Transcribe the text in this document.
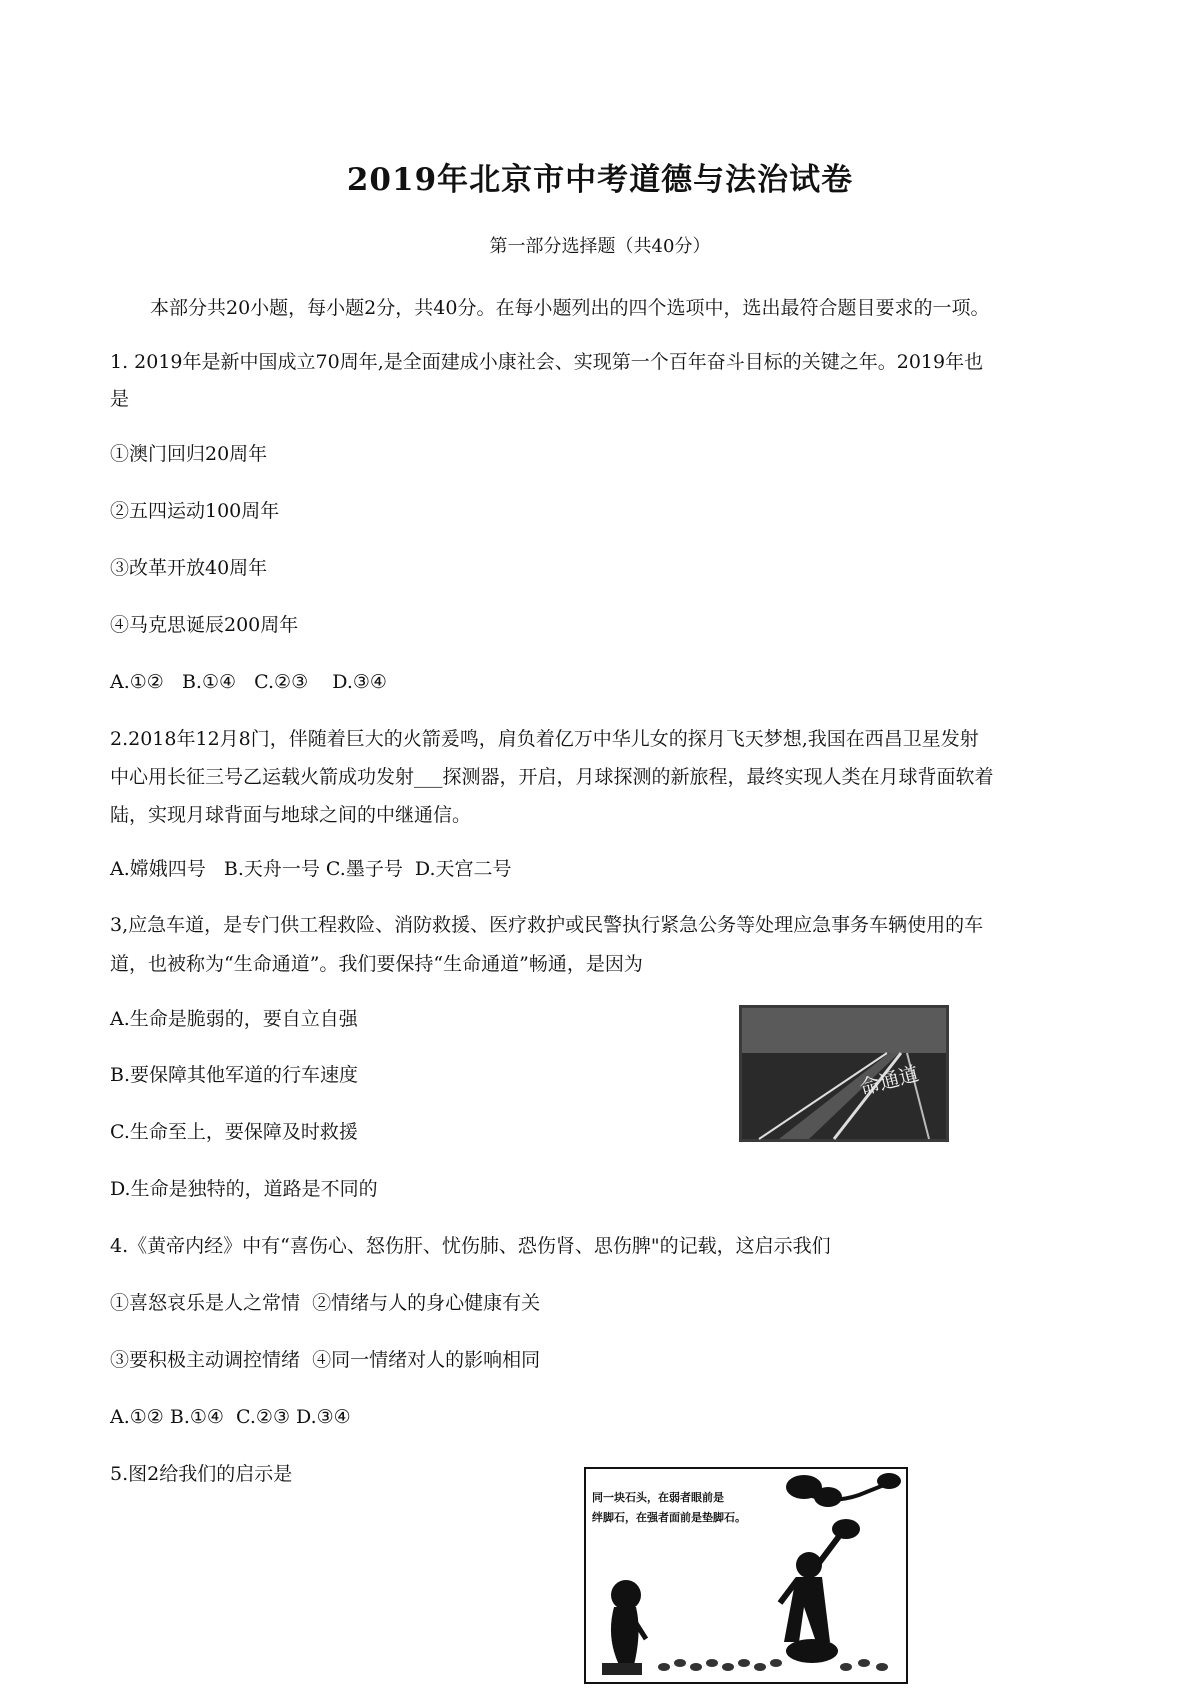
2019年北京市中考道德与法治试卷
第一部分选择题（共40分）
本部分共20小题，每小题2分，共40分。在每小题列出的四个选项中，选出最符合题目要求的一项。
1. 2019年是新中国成立70周年,是全面建成小康社会、实现第一个百年奋斗目标的关键之年。2019年也
是
①澳门回归20周年
②五四运动100周年
③改革开放40周年
④马克思诞辰200周年
A.①②   B.①④   C.②③    D.③④
2.2018年12月8门，伴随着巨大的火箭爰鸣，肩负着亿万中华儿女的探月飞天梦想,我国在西昌卫星发射
中心用长征三号乙运载火箭成功发射___探测器，开启，月球探测的新旅程，最终实现人类在月球背面软着
陆，实现月球背面与地球之间的中继通信。
A.嫦娥四号   B.天舟一号 C.墨子号  D.天宫二号
3,应急车道，是专门供工程救险、消防救援、医疗救护或民警执行紧急公务等处理应急事务车辆使用的车
道，也被称为“生命通道”。我们要保持“生命通道”畅通，是因为
A.生命是脆弱的，要自立自强
B.要保障其他军道的行车速度
C.生命至上，要保障及时救援
D.生命是独特的，道路是不同的
命通道
4.《黄帝内经》中有“喜伤心、怒伤肝、忧伤肺、恐伤肾、思伤脾"的记载，这启示我们
①喜怒哀乐是人之常情  ②情绪与人的身心健康有关
③要积极主动调控情绪  ④同一情绪对人的影响相同
A.①② B.①④  C.②③ D.③④
5.图2给我们的启示是
同一块石头，在弱者眼前是
绊脚石，在强者面前是垫脚石。
